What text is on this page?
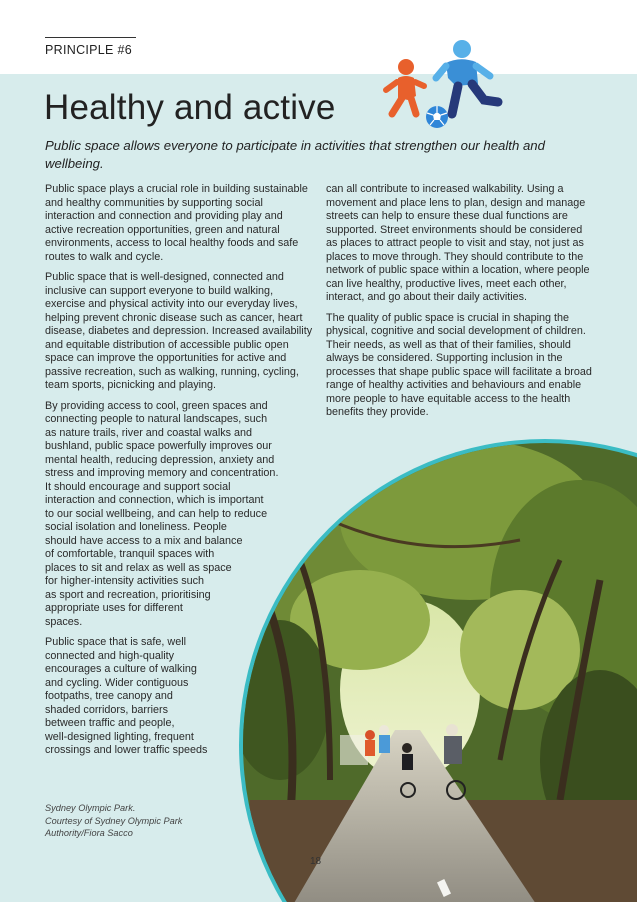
PRINCIPLE #6
Healthy and active
Public space allows everyone to participate in activities that strengthen our health and wellbeing.

Public space plays a crucial role in building sustainable and healthy communities by supporting social interaction and connection and providing play and active recreation opportunities, green and natural environments, access to local healthy foods and safe routes to walk and cycle.

Public space that is well-designed, connected and inclusive can support everyone to build walking, exercise and physical activity into our everyday lives, helping prevent chronic disease such as cancer, heart disease, diabetes and depression. Increased availability and equitable distribution of accessible public open space can improve the opportunities for active and passive recreation, such as walking, running, cycling, team sports, picnicking and playing.

By providing access to cool, green spaces and
connecting people to natural landscapes, such
as nature trails, river and coastal walks and
bushland, public space powerfully improves our
mental health, reducing depression, anxiety and
stress and improving memory and concentration.
It should encourage and support social
interaction and connection, which is important
to our social wellbeing, and can help to reduce
social isolation and loneliness. People
should have access to a mix and balance
of comfortable, tranquil spaces with
places to sit and relax as well as space
for higher-intensity activities such
as sport and recreation, prioritising
appropriate uses for different
spaces.

Public space that is safe, well
connected and high-quality
encourages a culture of walking
and cycling. Wider contiguous
footpaths, tree canopy and
shaded corridors, barriers
between traffic and people,
well-designed lighting, frequent
crossings and lower traffic speeds

can all contribute to increased walkability. Using a movement and place lens to plan, design and manage streets can help to ensure these dual functions are supported. Street environments should be considered as places to attract people to visit and stay, not just as places to move through. They should contribute to the network of public space within a location, where people can live healthy, productive lives, meet each other, interact, and go about their daily activities.

The quality of public space is crucial in shaping the physical, cognitive and social development of children. Their needs, as well as that of their families, should always be considered. Supporting inclusion in the processes that shape public space will facilitate a broad range of healthy activities and behaviours and enable more people to have equitable access to the health benefits they provide.

Sydney Olympic Park.
Courtesy of Sydney Olympic Park
Authority/Fiora Sacco
18
